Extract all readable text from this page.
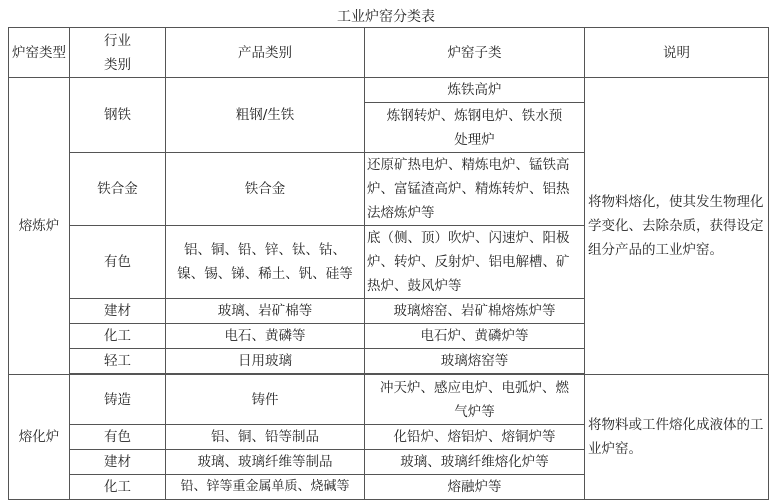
工业炉窑分类表
炉窑类型	行业类别	产品类别	炉窑子类	说明
熔炼炉	钢铁	粗钢/生铁	炼铁高炉	将物料熔化，使其发生物理化学变化、去除杂质，获得设定组分产品的工业炉窑。
			炼钢转炉、炼钢电炉、铁水预处理炉	
	铁合金	铁合金	还原矿热电炉、精炼电炉、锰铁高炉、富锰渣高炉、精炼转炉、铝热法熔炼炉等	
	有色	铝、铜、铅、锌、钛、钴、镍、锡、锑、稀土、钒、硅等	底（侧、顶）吹炉、闪速炉、阳极炉、转炉、反射炉、铝电解槽、矿热炉、鼓风炉等	
	建材	玻璃、岩矿棉等	玻璃熔窑、岩矿棉熔炼炉等	
	化工	电石、黄磷等	电石炉、黄磷炉等	
	轻工	日用玻璃	玻璃熔窑等	

熔化炉	铸造	铸件	冲天炉、感应电炉、电弧炉、燃气炉等	将物料或工件熔化成液体的工业炉窑。
	有色	铝、铜、铅等制品	化铅炉、熔铝炉、熔铜炉等	
	建材	玻璃、玻璃纤维等制品	玻璃、玻璃纤维熔化炉等	
	化工	铅、锌等重金属单质、烧碱等	熔融炉等	
